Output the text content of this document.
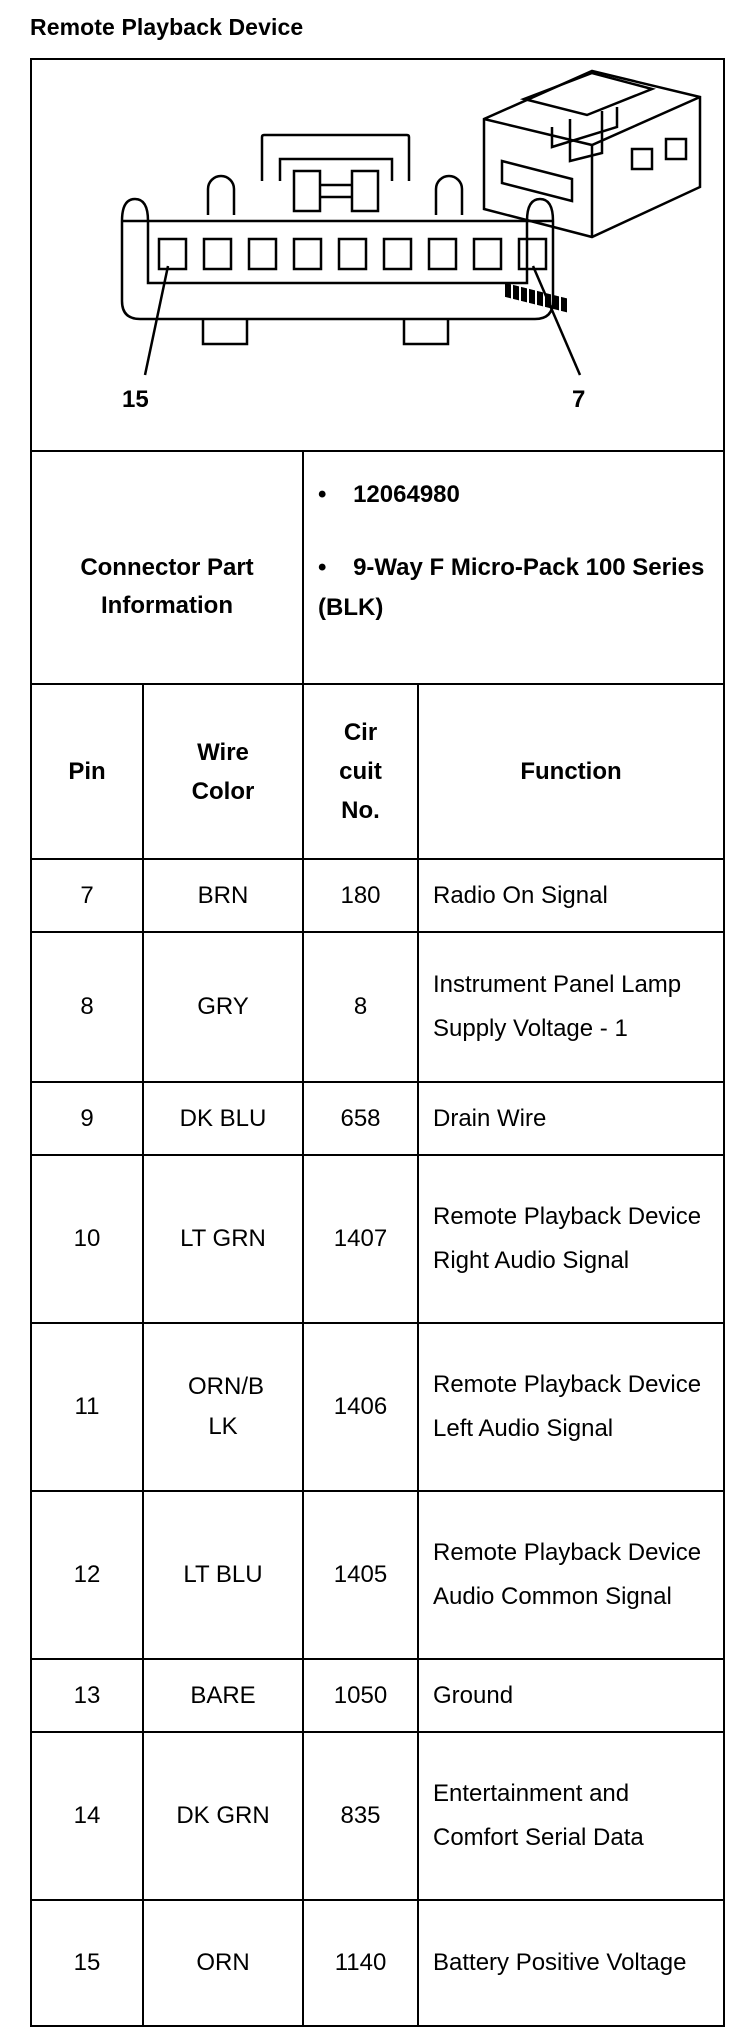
Remote Playback Device
15 7			

Connector Part Information		• 12064980
• 9-Way F Micro-Pack 100 Series (BLK)	

Pin	Wire Color	Cir cuit No.	Function
7	BRN	180	Radio On Signal
8	GRY	8	Instrument Panel Lamp Supply Voltage - 1
9	DK BLU	658	Drain Wire
10	LT GRN	1407	Remote Playback Device Right Audio Signal
11	ORN/B LK	1406	Remote Playback Device Left Audio Signal
12	LT BLU	1405	Remote Playback Device Audio Common Signal
13	BARE	1050	Ground
14	DK GRN	835	Entertainment and Comfort Serial Data
15	ORN	1140	Battery Positive Voltage
